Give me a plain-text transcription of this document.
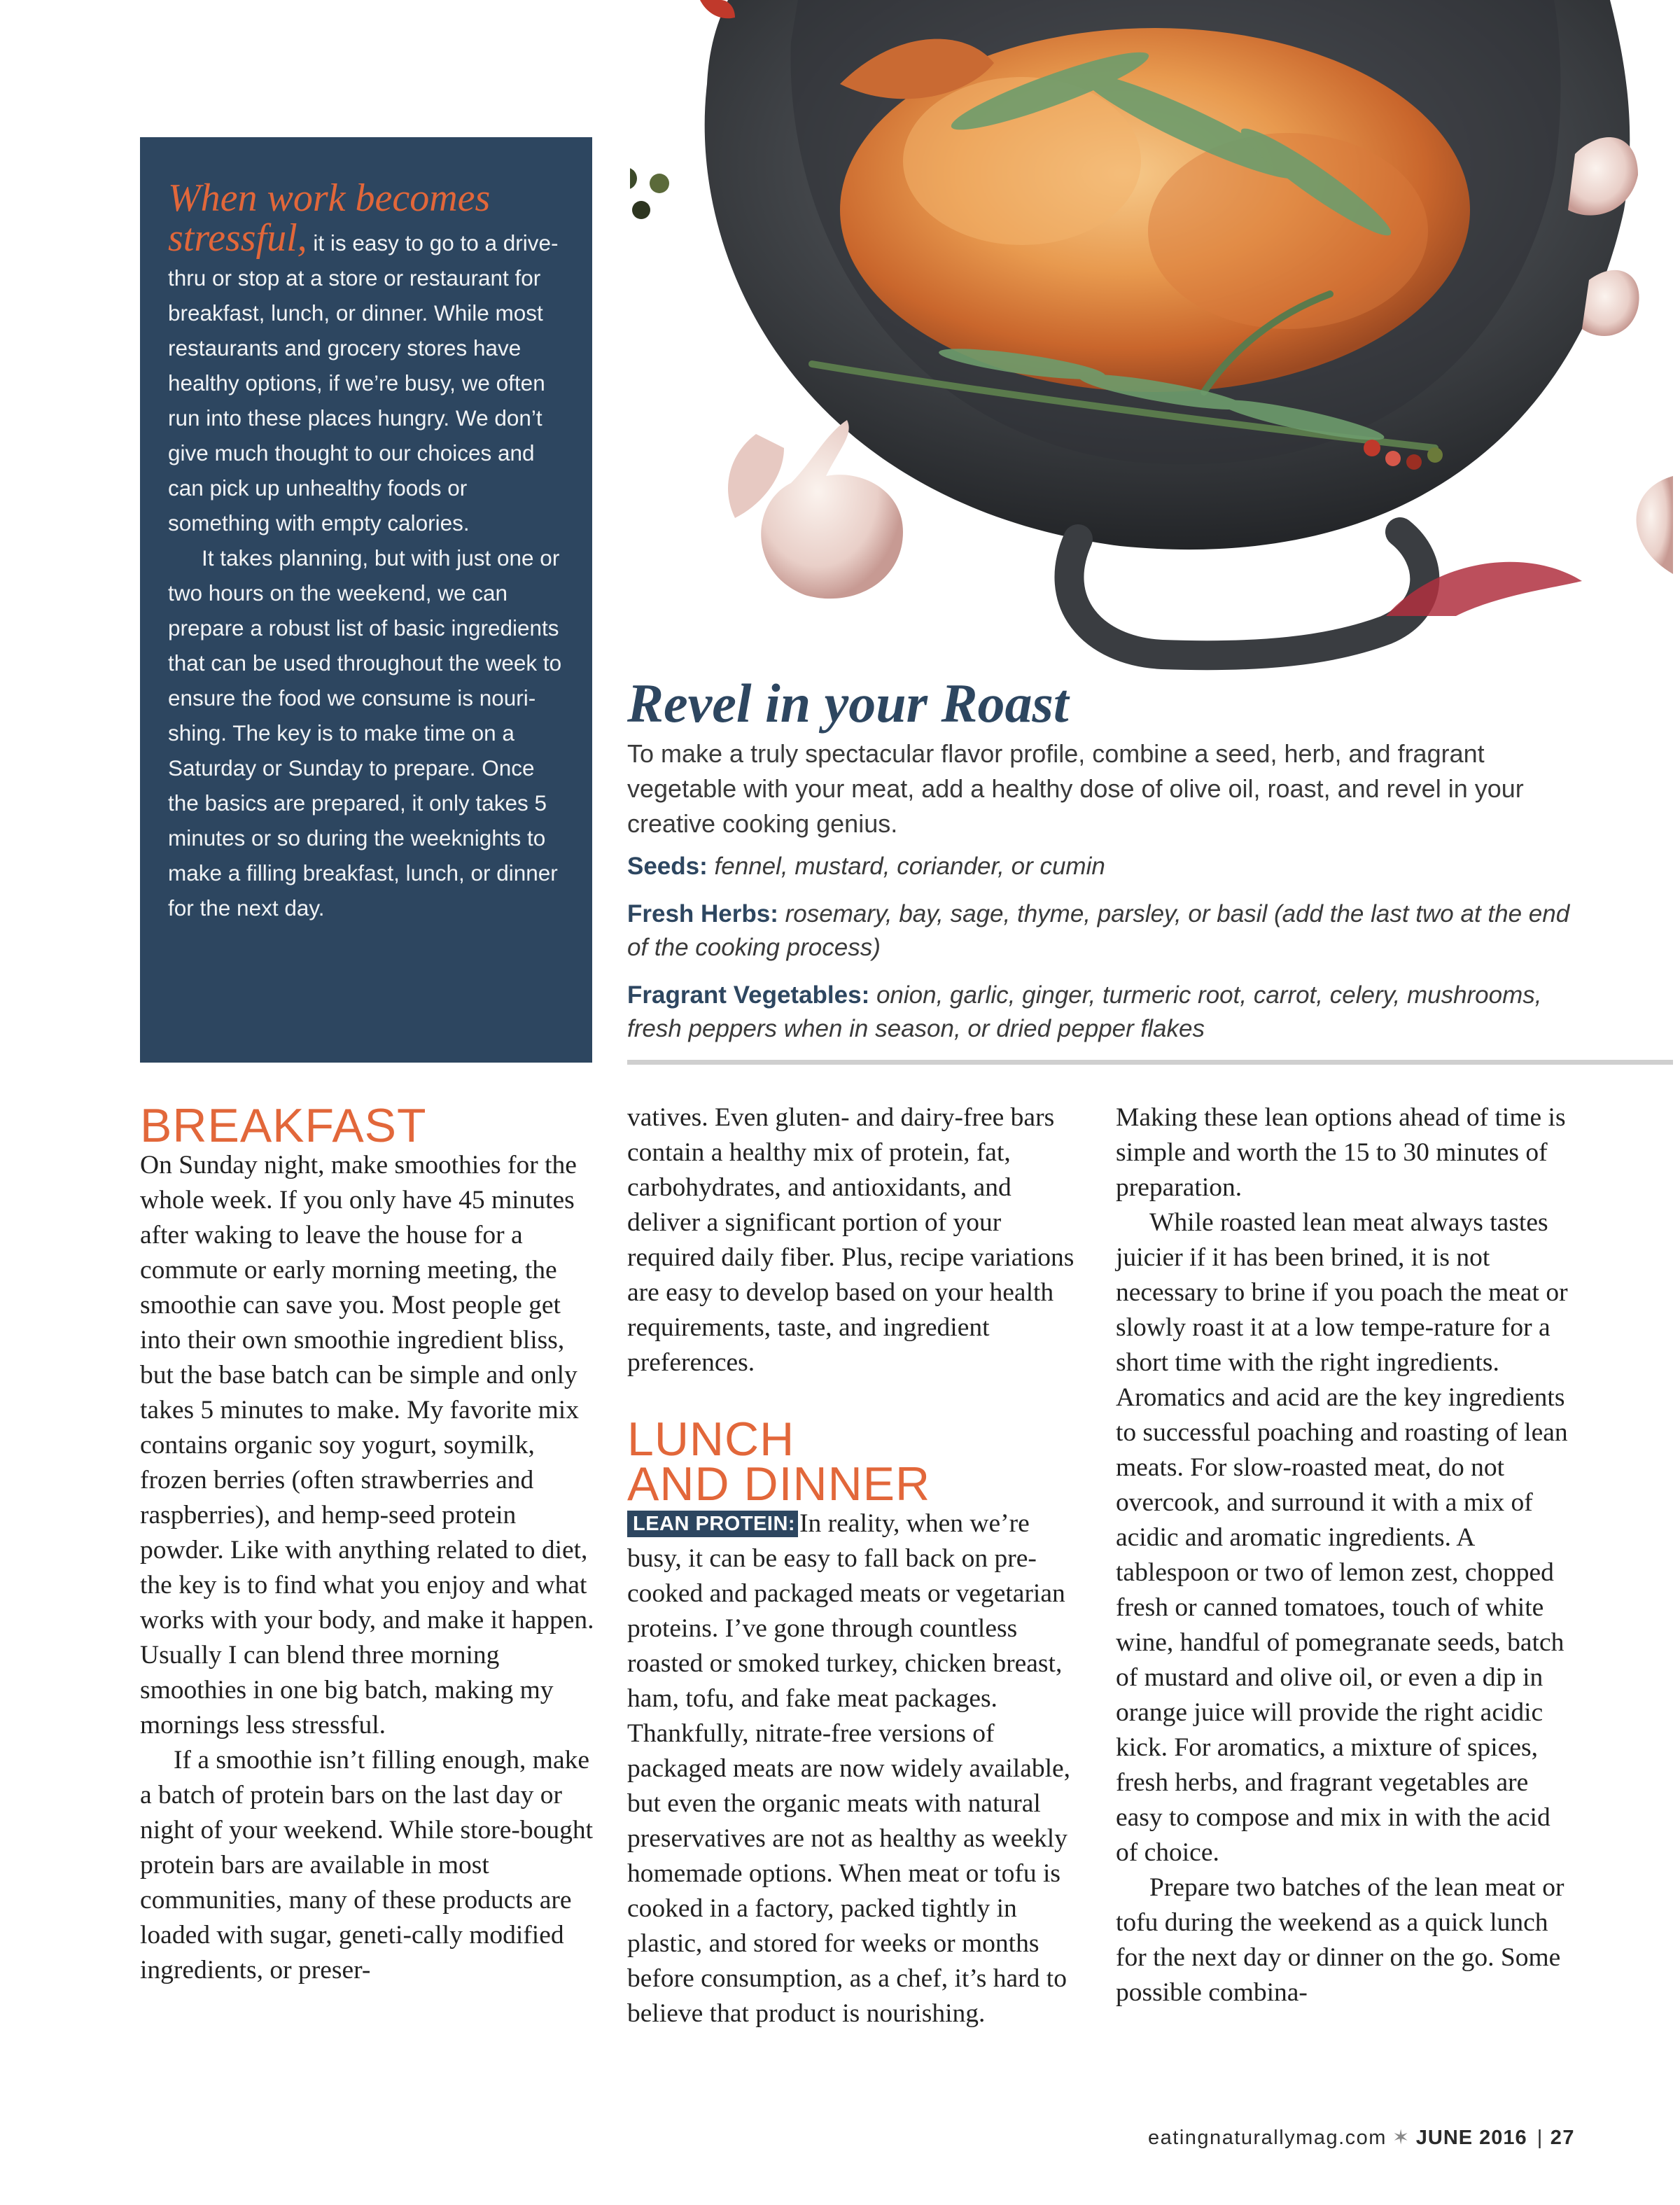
When work becomes stressful, it is easy to go to a drive-thru or stop at a store or restaurant for breakfast, lunch, or dinner. While most restaurants and grocery stores have healthy options, if we’re busy, we often run into these places hungry. We don’t give much thought to our choices and can pick up unhealthy foods or something with empty calories.

It takes planning, but with just one or two hours on the weekend, we can prepare a robust list of basic ingredients that can be used throughout the week to ensure the food we consume is nouri-shing. The key is to make time on a Saturday or Sunday to prepare. Once the basics are prepared, it only takes 5 minutes or so during the weeknights to make a filling breakfast, lunch, or dinner for the next day.

Revel in your Roast

To make a truly spectacular flavor profile, combine a seed, herb, and fragrant vegetable with your meat, add a healthy dose of olive oil, roast, and revel in your creative cooking genius.

Seeds: fennel, mustard, coriander, or cumin

Fresh Herbs: rosemary, bay, sage, thyme, parsley, or basil (add the last two at the end of the cooking process)

Fragrant Vegetables: onion, garlic, ginger, turmeric root, carrot, celery, mushrooms, fresh peppers when in season, or dried pepper flakes

BREAKFAST

On Sunday night, make smoothies for the whole week. If you only have 45 minutes after waking to leave the house for a commute or early morning meeting, the smoothie can save you. Most people get into their own smoothie ingredient bliss, but the base batch can be simple and only takes 5 minutes to make. My favorite mix contains organic soy yogurt, soymilk, frozen berries (often strawberries and raspberries), and hemp-seed protein powder. Like with anything related to diet, the key is to find what you enjoy and what works with your body, and make it happen. Usually I can blend three morning smoothies in one big batch, making my mornings less stressful.

If a smoothie isn’t filling enough, make a batch of protein bars on the last day or night of your weekend. While store-bought protein bars are available in most communities, many of these products are loaded with sugar, geneti-cally modified ingredients, or preser-

vatives. Even gluten- and dairy-free bars contain a healthy mix of protein, fat, carbohydrates, and antioxidants, and deliver a significant portion of your required daily fiber. Plus, recipe variations are easy to develop based on your health requirements, taste, and ingredient preferences.

LUNCH
AND DINNER

LEAN PROTEIN: In reality, when we’re busy, it can be easy to fall back on pre-cooked and packaged meats or vegetarian proteins. I’ve gone through countless roasted or smoked turkey, chicken breast, ham, tofu, and fake meat packages. Thankfully, nitrate-free versions of packaged meats are now widely available, but even the organic meats with natural preservatives are not as healthy as weekly homemade options. When meat or tofu is cooked in a factory, packed tightly in plastic, and stored for weeks or months before consumption, as a chef, it’s hard to believe that product is nourishing.

Making these lean options ahead of time is simple and worth the 15 to 30 minutes of preparation.

While roasted lean meat always tastes juicier if it has been brined, it is not necessary to brine if you poach the meat or slowly roast it at a low tempe-rature for a short time with the right ingredients. Aromatics and acid are the key ingredients to successful poaching and roasting of lean meats. For slow-roasted meat, do not overcook, and surround it with a mix of acidic and aromatic ingredients. A tablespoon or two of lemon zest, chopped fresh or canned tomatoes, touch of white wine, handful of pomegranate seeds, batch of mustard and olive oil, or even a dip in orange juice will provide the right acidic kick. For aromatics, a mixture of spices, fresh herbs, and fragrant vegetables are easy to compose and mix in with the acid of choice.

Prepare two batches of the lean meat or tofu during the weekend as a quick lunch for the next day or dinner on the go. Some possible combina-

eatingnaturallymag.com ✶ JUNE 2016 | 27
